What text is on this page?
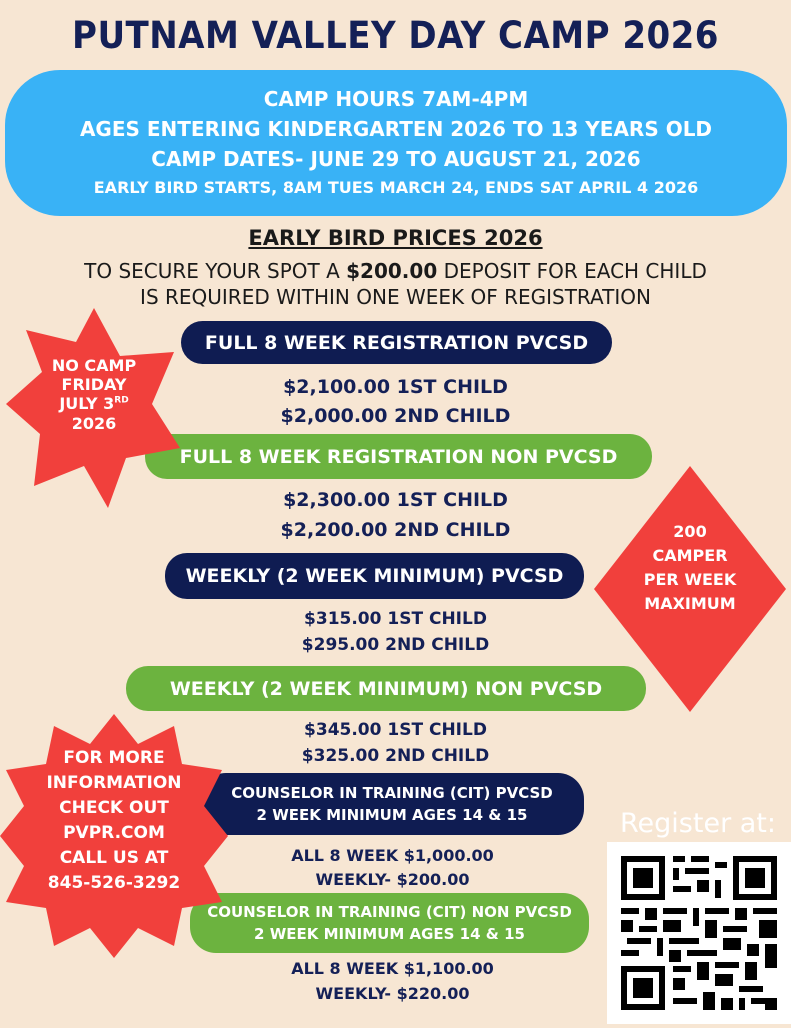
PUTNAM VALLEY DAY CAMP 2026
CAMP HOURS 7AM-4PM
AGES ENTERING KINDERGARTEN 2026 TO 13 YEARS OLD
CAMP DATES- JUNE 29 TO AUGUST 21, 2026
EARLY BIRD STARTS, 8AM TUES MARCH 24, ENDS SAT APRIL 4 2026
EARLY BIRD PRICES 2026
TO SECURE YOUR SPOT A $200.00 DEPOSIT FOR EACH CHILD
IS REQUIRED WITHIN ONE WEEK OF REGISTRATION
FULL 8 WEEK REGISTRATION PVCSD
$2,100.00 1ST CHILD
$2,000.00 2ND CHILD
FULL 8 WEEK REGISTRATION NON PVCSD
$2,300.00 1ST CHILD
$2,200.00 2ND CHILD
WEEKLY (2 WEEK MINIMUM) PVCSD
$315.00 1ST CHILD
$295.00 2ND CHILD
WEEKLY (2 WEEK MINIMUM) NON PVCSD
$345.00 1ST CHILD
$325.00 2ND CHILD
COUNSELOR IN TRAINING (CIT) PVCSD
2 WEEK MINIMUM AGES 14 & 15
ALL 8 WEEK $1,000.00
WEEKLY- $200.00
COUNSELOR IN TRAINING (CIT) NON PVCSD
2 WEEK MINIMUM AGES 14 & 15
ALL 8 WEEK $1,100.00
WEEKLY- $220.00
NO CAMP
FRIDAY
JULY 3RD
2026
200
CAMPER
PER WEEK
MAXIMUM
FOR MORE
INFORMATION
CHECK OUT
PVPR.COM
CALL US AT
845-526-3292
Register at:
